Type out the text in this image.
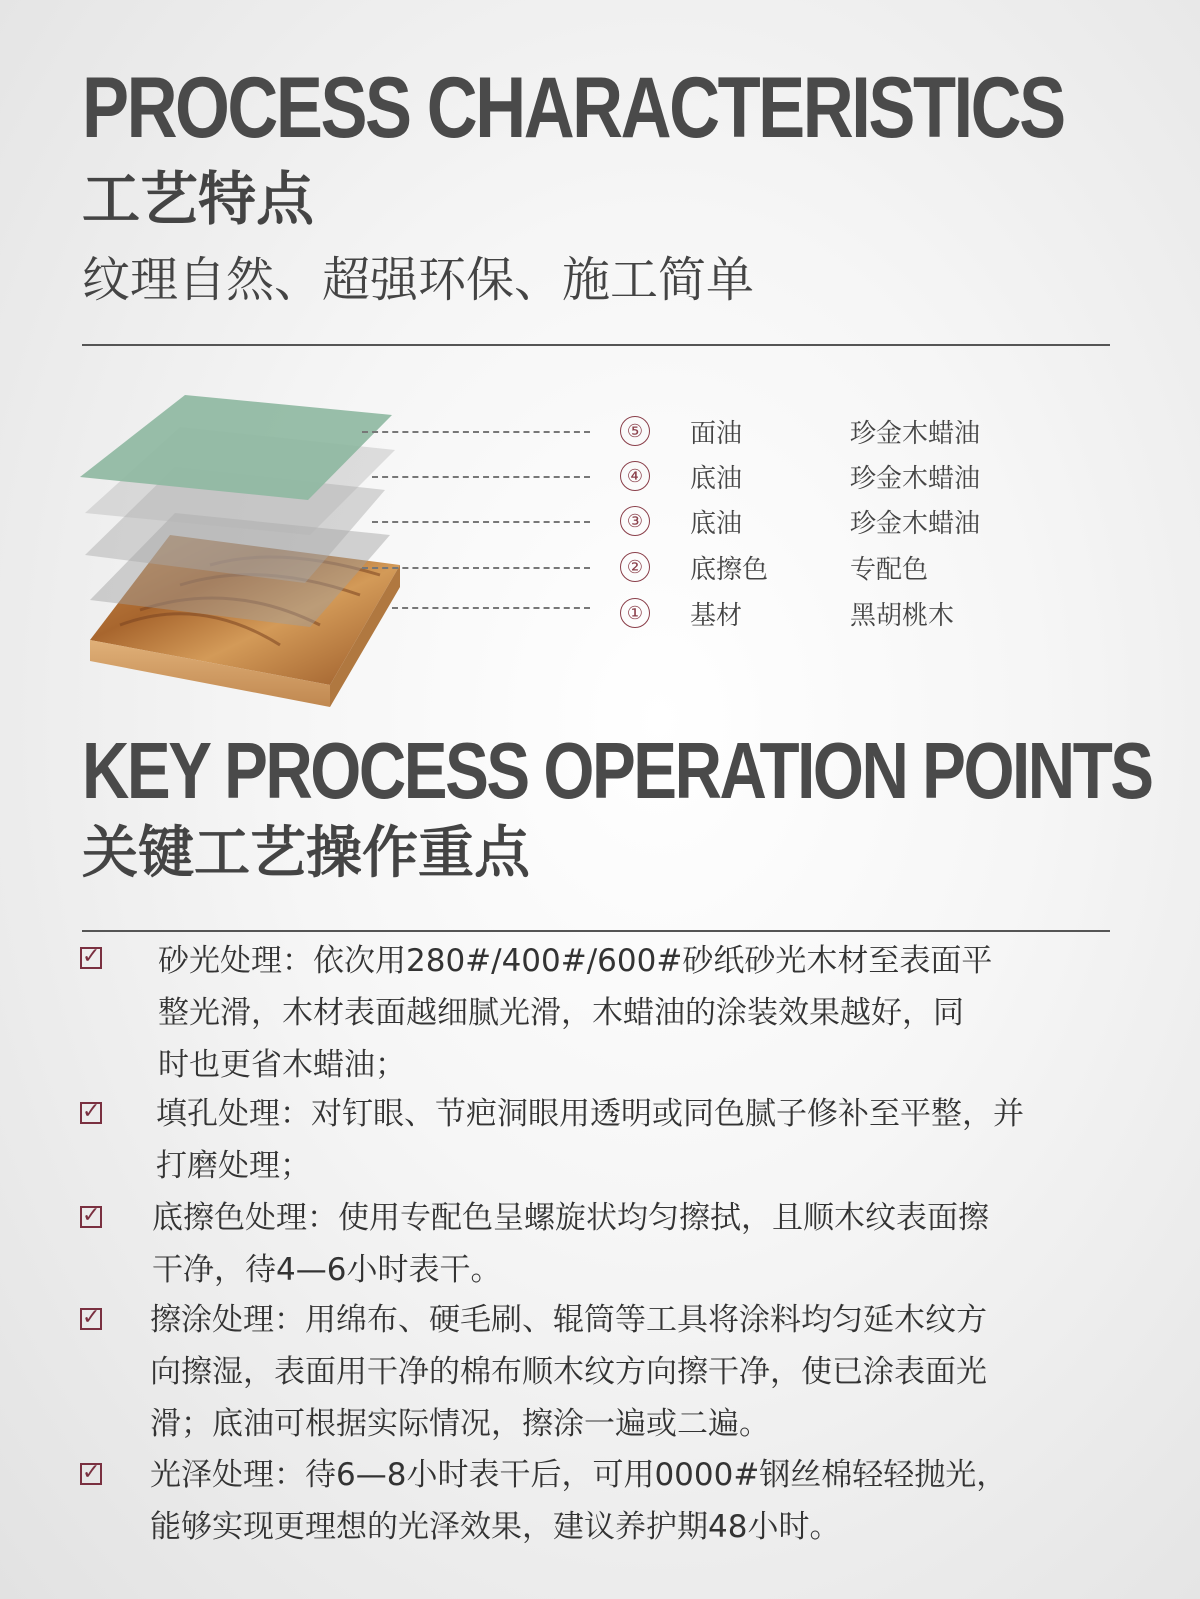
PROCESS CHARACTERISTICS
工艺特点
纹理自然、超强环保、施工简单
⑤ 面油	珍金木蜡油
④ 底油	珍金木蜡油
③ 底油	珍金木蜡油
② 底擦色	专配色
① 基材	黑胡桃木
KEY PROCESS OPERATION POINTS
关键工艺操作重点
✓ 砂光处理：依次用280#/400#/600#砂纸砂光木材至表面平
整光滑，木材表面越细腻光滑，木蜡油的涂装效果越好，同
时也更省木蜡油；
✓ 填孔处理：对钉眼、节疤洞眼用透明或同色腻子修补至平整，并
打磨处理；
✓ 底擦色处理：使用专配色呈螺旋状均匀擦拭，且顺木纹表面擦
干净，待4—6小时表干。
✓ 擦涂处理：用绵布、硬毛刷、辊筒等工具将涂料均匀延木纹方
向擦湿，表面用干净的棉布顺木纹方向擦干净，使已涂表面光
滑；底油可根据实际情况，擦涂一遍或二遍。
✓ 光泽处理：待6—8小时表干后，可用0000#钢丝棉轻轻抛光，
能够实现更理想的光泽效果，建议养护期48小时。
